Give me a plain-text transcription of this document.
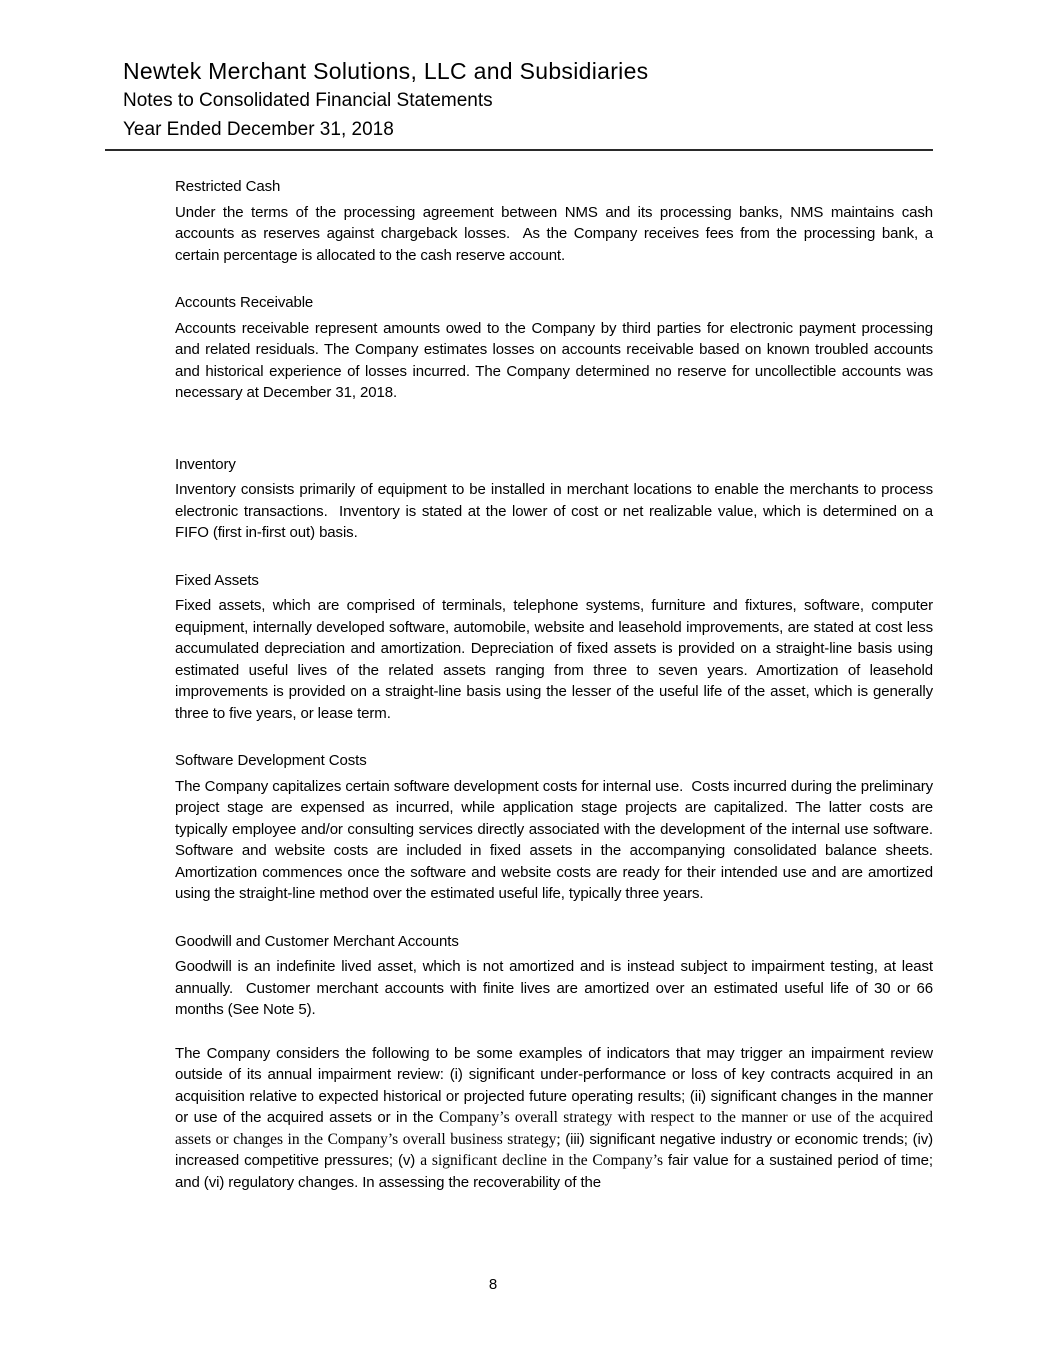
Newtek Merchant Solutions, LLC and Subsidiaries
Notes to Consolidated Financial Statements
Year Ended December 31, 2018
Restricted Cash

Under the terms of the processing agreement between NMS and its processing banks, NMS maintains cash accounts as reserves against chargeback losses.  As the Company receives fees from the processing bank, a certain percentage is allocated to the cash reserve account.

Accounts Receivable

Accounts receivable represent amounts owed to the Company by third parties for electronic payment processing and related residuals. The Company estimates losses on accounts receivable based on known troubled accounts and historical experience of losses incurred. The Company determined no reserve for uncollectible accounts was necessary at December 31, 2018.

Inventory

Inventory consists primarily of equipment to be installed in merchant locations to enable the merchants to process electronic transactions.  Inventory is stated at the lower of cost or net realizable value, which is determined on a FIFO (first in-first out) basis.

Fixed Assets

Fixed assets, which are comprised of terminals, telephone systems, furniture and fixtures, software, computer equipment, internally developed software, automobile, website and leasehold improvements, are stated at cost less accumulated depreciation and amortization. Depreciation of fixed assets is provided on a straight-line basis using estimated useful lives of the related assets ranging from three to seven years. Amortization of leasehold improvements is provided on a straight-line basis using the lesser of the useful life of the asset, which is generally three to five years, or lease term.

Software Development Costs

The Company capitalizes certain software development costs for internal use.  Costs incurred during the preliminary project stage are expensed as incurred, while application stage projects are capitalized. The latter costs are typically employee and/or consulting services directly associated with the development of the internal use software. Software and website costs are included in fixed assets in the accompanying consolidated balance sheets. Amortization commences once the software and website costs are ready for their intended use and are amortized using the straight-line method over the estimated useful life, typically three years.

Goodwill and Customer Merchant Accounts

Goodwill is an indefinite lived asset, which is not amortized and is instead subject to impairment testing, at least annually.  Customer merchant accounts with finite lives are amortized over an estimated useful life of 30 or 66 months (See Note 5).

The Company considers the following to be some examples of indicators that may trigger an impairment review outside of its annual impairment review: (i) significant under-performance or loss of key contracts acquired in an acquisition relative to expected historical or projected future operating results; (ii) significant changes in the manner or use of the acquired assets or in the Company’s overall strategy with respect to the manner or use of the acquired assets or changes in the Company’s overall business strategy; (iii) significant negative industry or economic trends; (iv) increased competitive pressures; (v) a significant decline in the Company’s fair value for a sustained period of time; and (vi) regulatory changes. In assessing the recoverability of the

8
